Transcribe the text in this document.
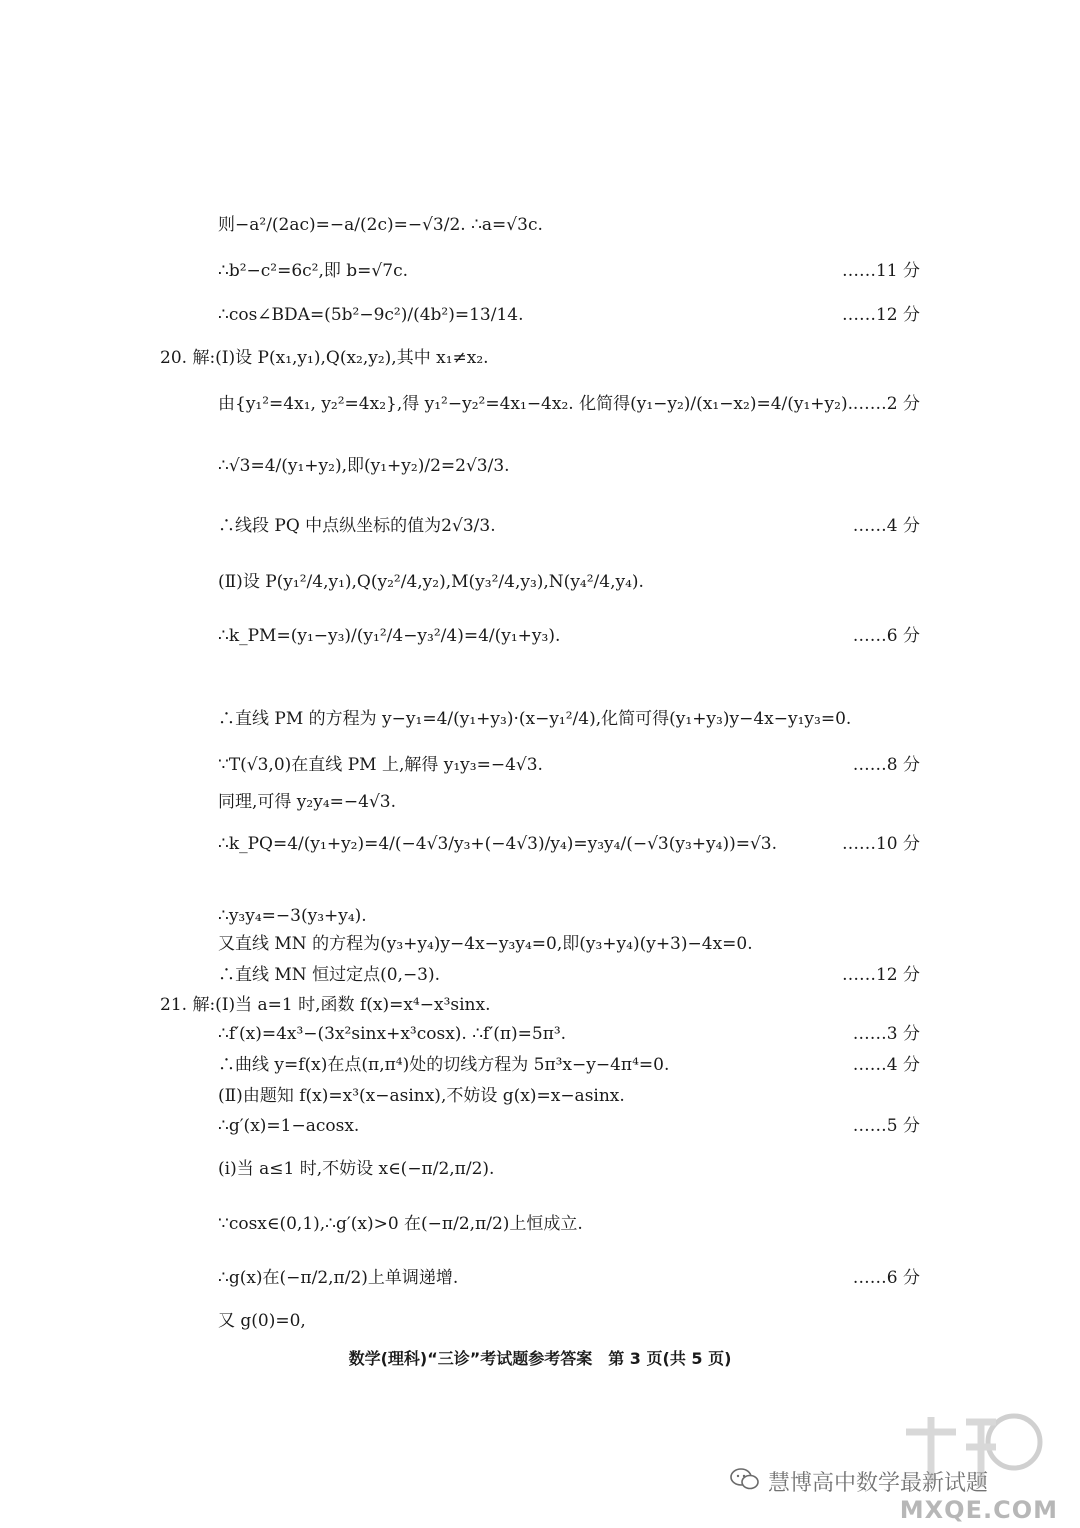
则−a²/(2ac)=−a/(2c)=−√3/2. ∴a=√3c.
∴b²−c²=6c²,即 b=√7c.	……11 分
∴cos∠BDA=(5b²−9c²)/(4b²)=13/14.	……12 分
20. 解:(Ⅰ)设 P(x₁,y₁),Q(x₂,y₂),其中 x₁≠x₂.
由{y₁²=4x₁, y₂²=4x₂},得 y₁²−y₂²=4x₁−4x₂. 化简得(y₁−y₂)/(x₁−x₂)=4/(y₁+y₂). ……2 分
∴√3=4/(y₁+y₂),即(y₁+y₂)/2=2√3/3.
∴线段 PQ 中点纵坐标的值为2√3/3.	……4 分
(Ⅱ)设 P(y₁²/4,y₁),Q(y₂²/4,y₂),M(y₃²/4,y₃),N(y₄²/4,y₄).
∴k_PM=(y₁−y₃)/(y₁²/4−y₃²/4)=4/(y₁+y₃).	……6 分
∴直线 PM 的方程为 y−y₁=4/(y₁+y₃)·(x−y₁²/4),化简可得(y₁+y₃)y−4x−y₁y₃=0.
∵T(√3,0)在直线 PM 上,解得 y₁y₃=−4√3.	……8 分
同理,可得 y₂y₄=−4√3.
∴k_PQ=4/(y₁+y₂)=4/(−4√3/y₃+(−4√3)/y₄)=y₃y₄/(−√3(y₃+y₄))=√3.	……10 分
∴y₃y₄=−3(y₃+y₄).
又直线 MN 的方程为(y₃+y₄)y−4x−y₃y₄=0,即(y₃+y₄)(y+3)−4x=0.
∴直线 MN 恒过定点(0,−3).	……12 分
21. 解:(Ⅰ)当 a=1 时,函数 f(x)=x⁴−x³sinx.
∴f′(x)=4x³−(3x²sinx+x³cosx). ∴f′(π)=5π³.	……3 分
∴曲线 y=f(x)在点(π,π⁴)处的切线方程为 5π³x−y−4π⁴=0.	……4 分
(Ⅱ)由题知 f(x)=x³(x−asinx),不妨设 g(x)=x−asinx.
∴g′(x)=1−acosx.	……5 分
(i)当 a≤1 时,不妨设 x∈(−π/2,π/2).
∵cosx∈(0,1),∴g′(x)>0 在(−π/2,π/2)上恒成立.
∴g(x)在(−π/2,π/2)上单调递增.	……6 分
又 g(0)=0,
数学(理科)“三诊”考试题参考答案　第 3 页(共 5 页)
慧博高中数学最新试题
MXQE.COM
